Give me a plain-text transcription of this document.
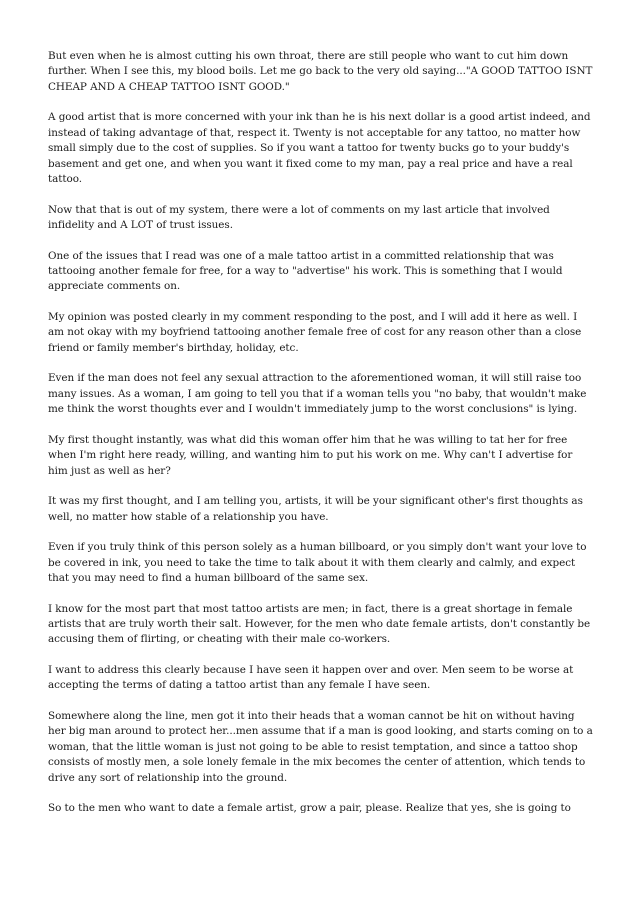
But even when he is almost cutting his own throat, there are still people who want to cut him down further. When I see this, my blood boils. Let me go back to the very old saying..."A GOOD TATTOO ISNT CHEAP AND A CHEAP TATTOO ISNT GOOD."

A good artist that is more concerned with your ink than he is his next dollar is a good artist indeed, and instead of taking advantage of that, respect it. Twenty is not acceptable for any tattoo, no matter how small simply due to the cost of supplies. So if you want a tattoo for twenty bucks go to your buddy's basement and get one, and when you want it fixed come to my man, pay a real price and have a real tattoo.

Now that that is out of my system, there were a lot of comments on my last article that involved infidelity and A LOT of trust issues.

One of the issues that I read was one of a male tattoo artist in a committed relationship that was tattooing another female for free, for a way to "advertise" his work. This is something that I would appreciate comments on.

My opinion was posted clearly in my comment responding to the post, and I will add it here as well. I am not okay with my boyfriend tattooing another female free of cost for any reason other than a close friend or family member's birthday, holiday, etc.

Even if the man does not feel any sexual attraction to the aforementioned woman, it will still raise too many issues. As a woman, I am going to tell you that if a woman tells you "no baby, that wouldn't make me think the worst thoughts ever and I wouldn't immediately jump to the worst conclusions" is lying.

My first thought instantly, was what did this woman offer him that he was willing to tat her for free when I'm right here ready, willing, and wanting him to put his work on me. Why can't I advertise for him just as well as her?

It was my first thought, and I am telling you, artists, it will be your significant other's first thoughts as well, no matter how stable of a relationship you have.

Even if you truly think of this person solely as a human billboard, or you simply don't want your love to be covered in ink, you need to take the time to talk about it with them clearly and calmly, and expect that you may need to find a human billboard of the same sex.

I know for the most part that most tattoo artists are men; in fact, there is a great shortage in female artists that are truly worth their salt. However, for the men who date female artists, don't constantly be accusing them of flirting, or cheating with their male co-workers.

I want to address this clearly because I have seen it happen over and over. Men seem to be worse at accepting the terms of dating a tattoo artist than any female I have seen.

Somewhere along the line, men got it into their heads that a woman cannot be hit on without having her big man around to protect her...men assume that if a man is good looking, and starts coming on to a woman, that the little woman is just not going to be able to resist temptation, and since a tattoo shop consists of mostly men, a sole lonely female in the mix becomes the center of attention, which tends to drive any sort of relationship into the ground.

So to the men who want to date a female artist, grow a pair, please. Realize that yes, she is going to
